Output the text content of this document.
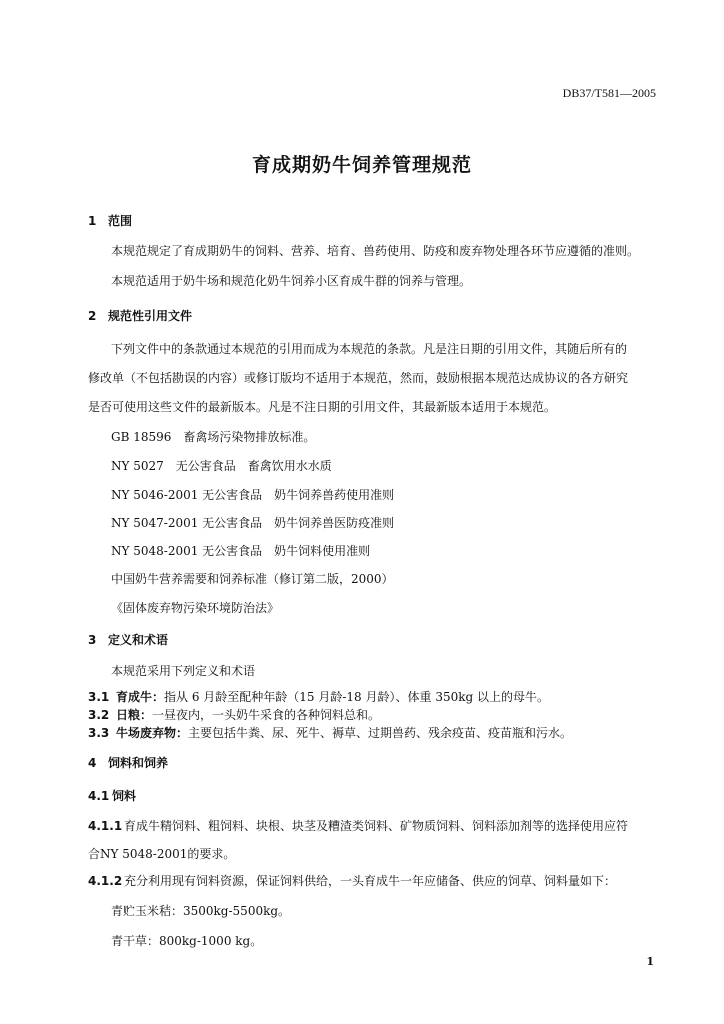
DB37/T581—2005
育成期奶牛饲养管理规范
1 范围
本规范规定了育成期奶牛的饲料、营养、培育、兽药使用、防疫和废弃物处理各环节应遵循的准则。
本规范适用于奶牛场和规范化奶牛饲养小区育成牛群的饲养与管理。
2 规范性引用文件
下列文件中的条款通过本规范的引用而成为本规范的条款。凡是注日期的引用文件，其随后所有的
修改单（不包括勘误的内容）或修订版均不适用于本规范，然而，鼓励根据本规范达成协议的各方研究
是否可使用这些文件的最新版本。凡是不注日期的引用文件，其最新版本适用于本规范。
GB 18596　畜禽场污染物排放标准。
NY 5027　无公害食品　畜禽饮用水水质
NY 5046-2001 无公害食品　奶牛饲养兽药使用准则
NY 5047-2001 无公害食品　奶牛饲养兽医防疫准则
NY 5048-2001 无公害食品　奶牛饲料使用准则
中国奶牛营养需要和饲养标准（修订第二版，2000）
《固体废弃物污染环境防治法》
3 定义和术语
本规范采用下列定义和术语
3.1 育成牛：指从 6 月龄至配种年龄（15 月龄-18 月龄）、体重 350kg 以上的母牛。
3.2 日粮：一昼夜内，一头奶牛采食的各种饲料总和。
3.3 牛场废弃物：主要包括牛粪、尿、死牛、褥草、过期兽药、残余疫苗、疫苗瓶和污水。
4 饲料和饲养
4.1 饲料
4.1.1 育成牛精饲料、粗饲料、块根、块茎及糟渣类饲料、矿物质饲料、饲料添加剂等的选择使用应符
合NY 5048-2001的要求。
4.1.2 充分利用现有饲料资源，保证饲料供给，一头育成牛一年应储备、供应的饲草、饲料量如下：
青贮玉米秸：3500kg-5500kg。
青干草：800kg-1000 kg。
1
